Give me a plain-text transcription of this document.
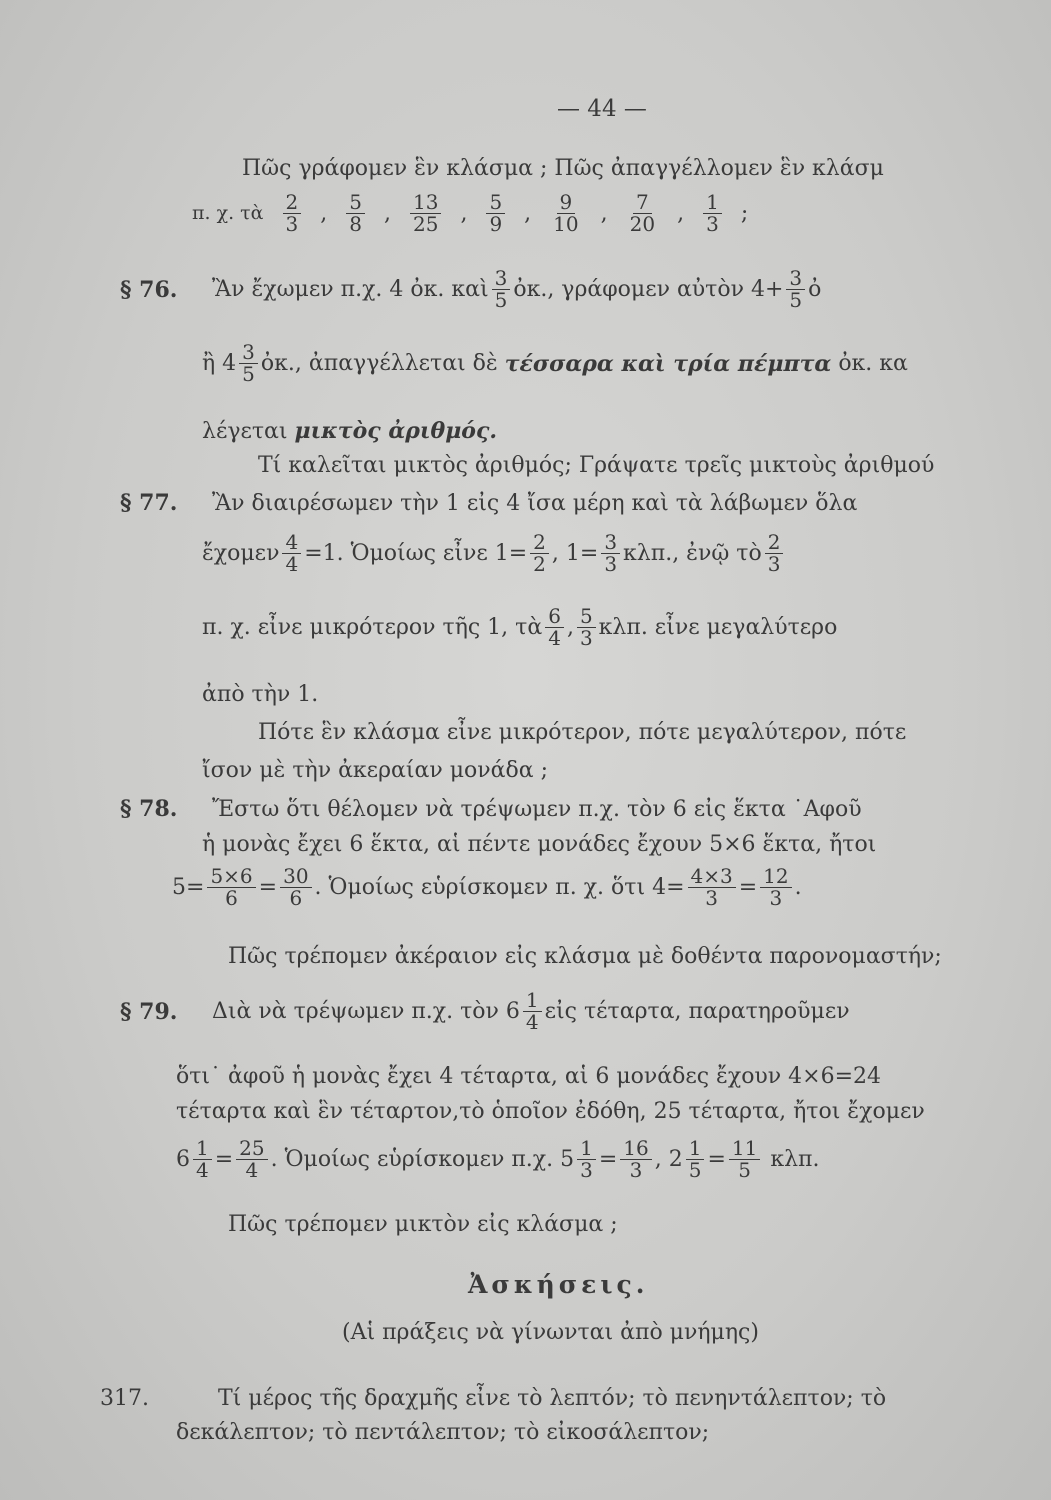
— 44 —
Πῶς γράφομεν ἓν κλάσμα ; Πῶς ἀπαγγέλλομεν ἓν κλάσμ
π. χ. τὰ $\frac{2}{3}$ , $\frac{5}{8}$ , $\frac{13}{25}$ , $\frac{5}{9}$ , $\frac{9}{10}$ , $\frac{7}{20}$ , $\frac{1}{3}$ ;
§ 76.	Ἂν ἔχωμεν π.χ. 4 ὀκ. καὶ $\frac{3}{5}$ ὀκ., γράφομεν αὐτὸν $4+ \frac{3}{5}$ ὀ
ἢ $4 \frac{3}{5}$ ὀκ., ἀπαγγέλλεται δὲ
τέσσαρα καὶ τρία πέμπτα
ὀκ. κα
λέγεται μικτὸς ἀριθμός.
Τί καλεῖται μικτὸς ἀριθμός; Γράψατε τρεῖς μικτοὺς ἀριθμού
§ 77. Ἂν διαιρέσωμεν τὴν 1 εἰς 4 ἴσα μέρη καὶ τὰ λάβωμεν ὅλα
ἔχομεν $\frac{4}{4} =1$. Ὁμοίως εἶνε $1= \frac{2}{2}$ , $1= \frac{3}{3} \kappa\lambda\pi$., ἐνῷ τὸ $\frac{2}{3}$
π. χ. εἶνε μικρότερον τῆς 1, τὰ $\frac{6}{4}$ , $\frac{5}{3} \kappa\lambda\pi$. εἶνε μεγαλύτερο
ἀπὸ τὴν 1.
Πότε ἓν κλάσμα εἶνε μικρότερον, πότε μεγαλύτερον, πότε
ἴσον μὲ τὴν ἀκεραίαν μονάδα ;
§ 78. Ἔστω ὅτι θέλομεν νὰ τρέψωμεν π.χ. τὸν 6 εἰς ἕκτα ˙Αφοῦ
ἡ μονὰς ἔχει 6 ἕκτα, αἱ πέντε μονάδες ἔχουν 5×6 ἕκτα, ἤτοι
$5= \frac{5\times 6}{6} = \frac{30}{6}$ . Ὁμοίως εὑρίσκομεν π. χ. ὅτι $4= \frac{4\times 3}{3} = \frac{12}{3}$ .
Πῶς τρέπομεν ἀκέραιον εἰς κλάσμα μὲ δοθέντα παρονομαστήν;
§ 79.	Διὰ νὰ τρέψωμεν π.χ. τὸν $6 \frac{1}{4}$ εἰς τέταρτα, παρατηροῦμεν
ὅτι˙ ἀφοῦ ἡ μονὰς ἔχει 4 τέταρτα, αἱ 6 μονάδες ἔχουν 4×6=24
τέταρτα καὶ ἓν τέταρτον,τὸ ὁποῖον ἐδόθη, 25 τέταρτα, ἤτοι ἔχομεν
$6 \frac{1}{4} = \frac{25}{4}$ . Ὁμοίως εὑρίσκομεν π.χ. $5 \frac{1}{3} = \frac{16}{3}$ , $2 \frac{1}{5} = \frac{11}{5}$
κλπ.
Πῶς τρέπομεν μικτὸν εἰς κλάσμα ;
Ἀσκήσεις.
(Αἱ πράξεις νὰ γίνωνται ἀπὸ μνήμης)
317.	Τί μέρος τῆς δραχμῆς εἶνε τὸ λεπτόν; τὸ πενηντάλεπτον; τὸ
δεκάλεπτον; τὸ πεντάλεπτον; τὸ εἰκοσάλεπτον;
